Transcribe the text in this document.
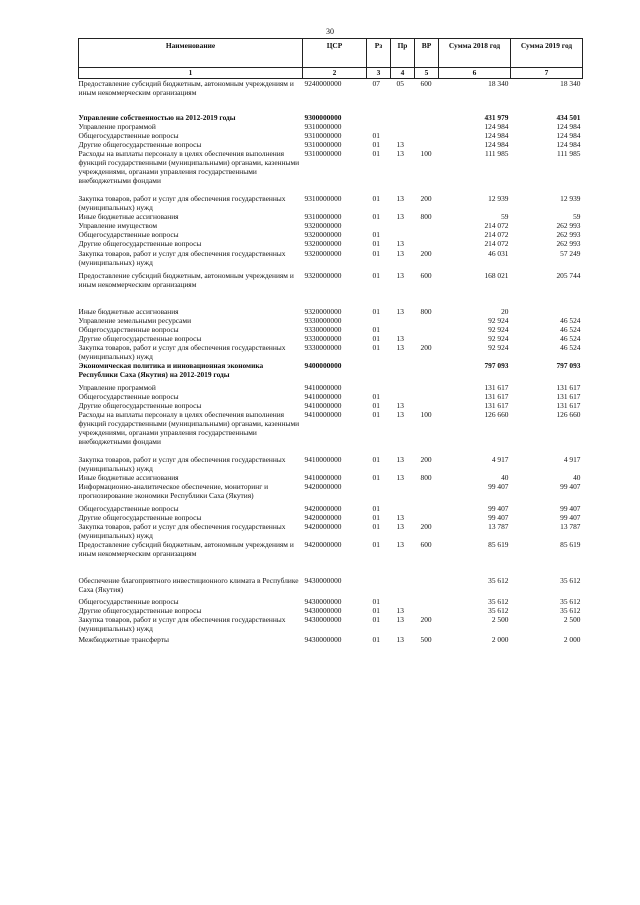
30
Наименование	ЦСР	Рз	Пр	ВР	Сумма 2018 год	Сумма 2019 год
1	2	3	4	5	6	7
Предоставление субсидий бюджетным, автономным учреждениям и иным некоммерческим организациям	9240000000	07	05	600	18 340	18 340
Управление собственностью на 2012-2019 годы	9300000000				431 979	434 501
Управление программой	9310000000				124 984	124 984
Общегосударственные вопросы	9310000000	01			124 984	124 984
Другие общегосударственные вопросы	9310000000	01	13		124 984	124 984
Расходы на выплаты персоналу в целях обеспечения выполнения функций государственными (муниципальными) органами, казенными учреждениями, органами управления государственными внебюджетными фондами	9310000000	01	13	100	111 985	111 985
Закупка товаров, работ и услуг для обеспечения государственных (муниципальных) нужд	9310000000	01	13	200	12 939	12 939
Иные бюджетные ассигнования	9310000000	01	13	800	59	59
Управление имуществом	9320000000				214 072	262 993
Общегосударственные вопросы	9320000000	01			214 072	262 993
Другие общегосударственные вопросы	9320000000	01	13		214 072	262 993
Закупка товаров, работ и услуг для обеспечения государственных (муниципальных) нужд	9320000000	01	13	200	46 031	57 249
Предоставление субсидий бюджетным, автономным учреждениям и иным некоммерческим организациям	9320000000	01	13	600	168 021	205 744
Иные бюджетные ассигнования	9320000000	01	13	800	20	
Управление земельными ресурсами	9330000000				92 924	46 524
Общегосударственные вопросы	9330000000	01			92 924	46 524
Другие общегосударственные вопросы	9330000000	01	13		92 924	46 524
Закупка товаров, работ и услуг для обеспечения государственных (муниципальных) нужд	9330000000	01	13	200	92 924	46 524
Экономическая политика и инновационная экономика Республики Саха (Якутия) на 2012-2019 годы	9400000000				797 093	797 093
Управление программой	9410000000				131 617	131 617
Общегосударственные вопросы	9410000000	01			131 617	131 617
Другие общегосударственные вопросы	9410000000	01	13		131 617	131 617
Расходы на выплаты персоналу в целях обеспечения выполнения функций государственными (муниципальными) органами, казенными учреждениями, органами управления государственными внебюджетными фондами	9410000000	01	13	100	126 660	126 660
Закупка товаров, работ и услуг для обеспечения государственных (муниципальных) нужд	9410000000	01	13	200	4 917	4 917
Иные бюджетные ассигнования	9410000000	01	13	800	40	40
Информационно-аналитическое обеспечение, мониторинг и прогнозирование экономики Республики Саха (Якутия)	9420000000				99 407	99 407
Общегосударственные вопросы	9420000000	01			99 407	99 407
Другие общегосударственные вопросы	9420000000	01	13		99 407	99 407
Закупка товаров, работ и услуг для обеспечения государственных (муниципальных) нужд	9420000000	01	13	200	13 787	13 787
Предоставление субсидий бюджетным, автономным учреждениям и иным некоммерческим организациям	9420000000	01	13	600	85 619	85 619
Обеспечение благоприятного инвестиционного климата в Республике Саха (Якутия)	9430000000				35 612	35 612
Общегосударственные вопросы	9430000000	01			35 612	35 612
Другие общегосударственные вопросы	9430000000	01	13		35 612	35 612
Закупка товаров, работ и услуг для обеспечения государственных (муниципальных) нужд	9430000000	01	13	200	2 500	2 500
Межбюджетные трансферты	9430000000	01	13	500	2 000	2 000
